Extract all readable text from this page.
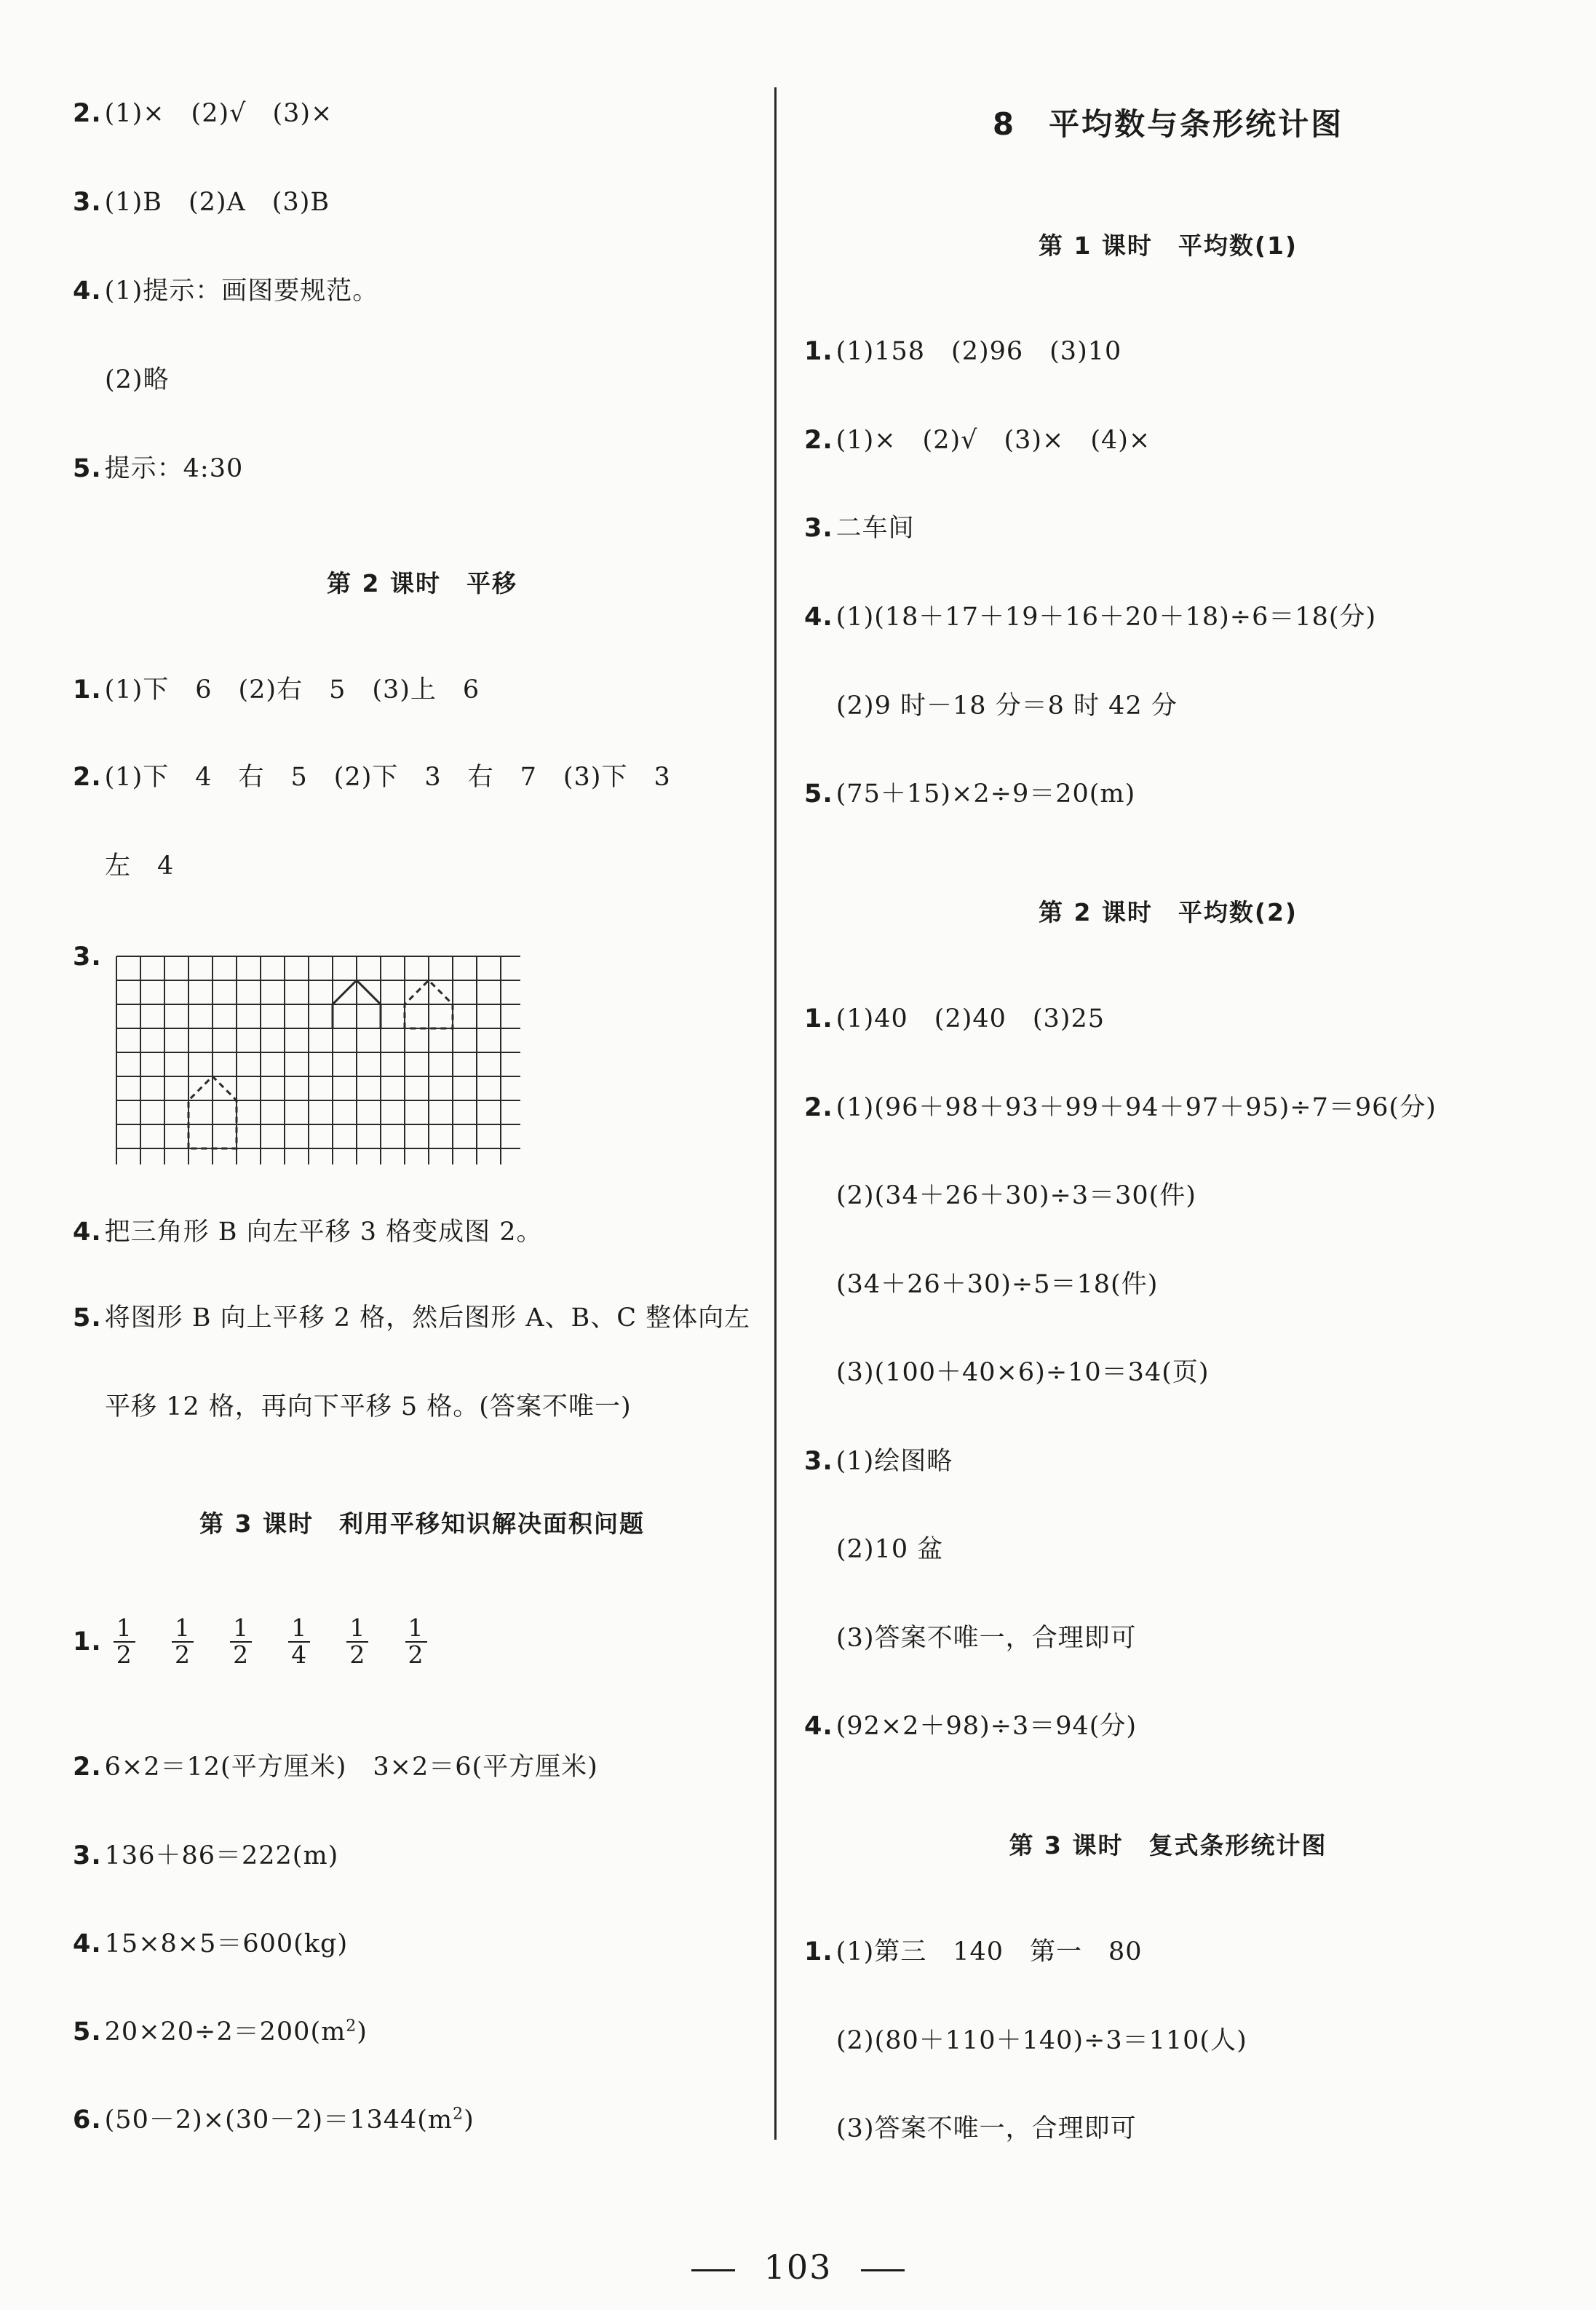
2. (1)×　(2)√　(3)×
3. (1)B　(2)A　(3)B
4. (1)提示：画图要规范。
(2)略
5. 提示：4:30
第 2 课时　平移
1. (1)下　6　(2)右　5　(3)上　6
2. (1)下　4　右　5　(2)下　3　右　7　(3)下　3
左　4
3.
4. 把三角形 B 向左平移 3 格变成图 2。
5. 将图形 B 向上平移 2 格，然后图形 A、B、C 整体向左
平移 12 格，再向下平移 5 格。(答案不唯一)
第 3 课时　利用平移知识解决面积问题
1. $\frac{1}{2}$
$\frac{1}{2}$
$\frac{1}{2}$
$\frac{1}{4}$
$\frac{1}{2}$
$\frac{1}{2}$
2. 6×2＝12(平方厘米)　3×2＝6(平方厘米)
3. 136＋86＝222(m)
4. 15×8×5＝600(kg)
5. $20\times 20\div 2=200(m^2)$
6. $(50-2)\times(30-2)=1344(m^2)$
8　平均数与条形统计图
第 1 课时　平均数(1)
1. (1)158　(2)96　(3)10
2. (1)×　(2)√　(3)×　(4)×
3. 二车间
4. (1)(18＋17＋19＋16＋20＋18)÷6＝18(分)
(2)9 时－18 分＝8 时 42 分
5. (75＋15)×2÷9＝20(m)
第 2 课时　平均数(2)
1. (1)40　(2)40　(3)25
2. (1)(96＋98＋93＋99＋94＋97＋95)÷7＝96(分)
(2)(34＋26＋30)÷3＝30(件)
(34＋26＋30)÷5＝18(件)
(3)(100＋40×6)÷10＝34(页)
3. (1)绘图略
(2)10 盆
(3)答案不唯一，合理即可
4. (92×2＋98)÷3＝94(分)
第 3 课时　复式条形统计图
1. (1)第三　140　第一　80
(2)(80＋110＋140)÷3＝110(人)
(3)答案不唯一，合理即可
103
